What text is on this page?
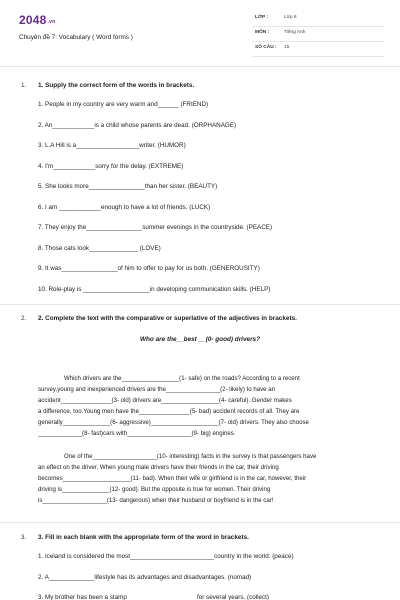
$2048^{.vn}$
Chuyên đề 7: Vocabulary ( Word forms )
LỚP :	Lớp 8
MÔN :	Tiếng Anh
SỐ CÂU : 15
1. 1. Supply the correct form of the words in brackets.
1. People in my country are very warm and______ (FRIEND)
2. An____________is a child whose parents are dead. (ORPHANAGE)
3. L.A Hill is a__________________writer. (HUMOR)
4. I'm____________sorry for the delay. (EXTREME)
5. She looks more________________than her sister. (BEAUTY)
6. I am ____________enough to have a lot of friends. (LUCK)
7. They enjoy the________________summer evenings in the countryside. (PEACE)
8. Those cats look______________ (LOVE)
9. It was________________of him to offer to pay for us both. (GENEROUSITY)
10. Role-play is ___________________in developing communication skills. (HELP)
2. 2. Complete the text with the comparative or superlative of the adjectives in brackets.
Who are the__best __(0- good) drivers?
Which drivers are the_________________(1- safe) on the roads? According to a recent
survey,young and inexperienced drivers are the________________(2- likely) to have an
accident_______________(3- old) drivers are_________________(4- careful). Gender makes
a difference, too.Young men have the_______________(5- bad) accident records of all. They are
generally______________(6- aggressive)____________________(7- old) drivers. They also choose
_____________(8- fast)cars with___________________(9- big) engines.
One of the___________________(10- interesting) facts in the survey is that passengers have
an effect on the driver. When young male drivers have their friends in the car, their driving
becomes____________________(11- bad). When their wife or girlfriend is in the car, however, their
driving is______________(12- good). But the opposite is true for women. Their driving
is___________________(13- dangerous) when their husband or boyfriend is in the car!
3. 3. Fill in each blank with the appropriate form of the word in brackets.
1. Iceland is considered the most________________________country in the world. (peace)
2. A_____________lifestyle has its advantages and disadvantages. (nomad)
3. My brother has been a stamp____________________for several years. (collect)
